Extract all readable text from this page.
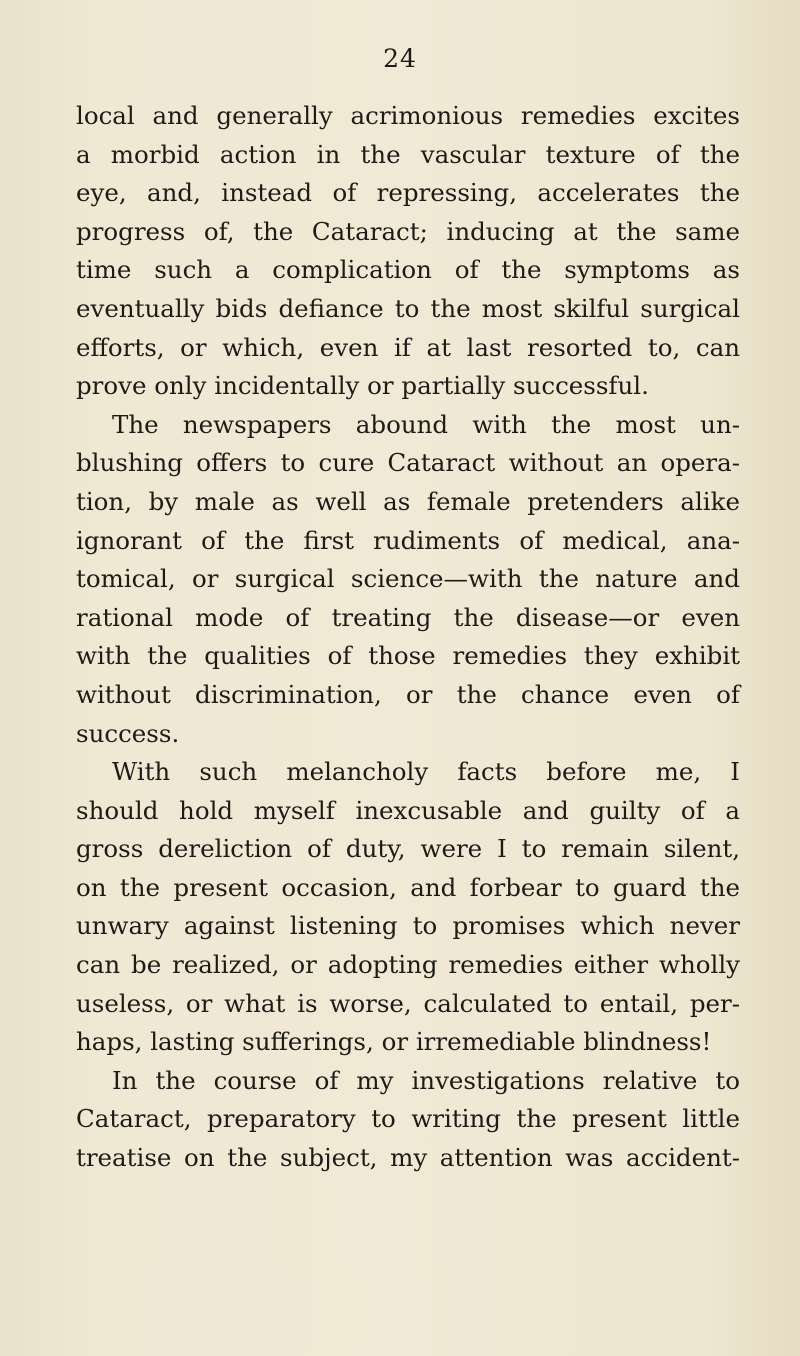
24
local and generally acrimonious remedies excites
a morbid action in the vascular texture of the
eye, and, instead of repressing, accelerates the
progress of, the Cataract; inducing at the same
time such a complication of the symptoms as
eventually bids defiance to the most skilful surgical
efforts, or which, even if at last resorted to, can
prove only incidentally or partially successful.
The newspapers abound with the most un-
blushing offers to cure Cataract without an opera-
tion, by male as well as female pretenders alike
ignorant of the first rudiments of medical, ana-
tomical, or surgical science—with the nature and
rational mode of treating the disease—or even
with the qualities of those remedies they exhibit
without discrimination, or the chance even of
success.
With such melancholy facts before me, I
should hold myself inexcusable and guilty of a
gross dereliction of duty, were I to remain silent,
on the present occasion, and forbear to guard the
unwary against listening to promises which never
can be realized, or adopting remedies either wholly
useless, or what is worse, calculated to entail, per-
haps, lasting sufferings, or irremediable blindness!
In the course of my investigations relative to
Cataract, preparatory to writing the present little
treatise on the subject, my attention was accident-
